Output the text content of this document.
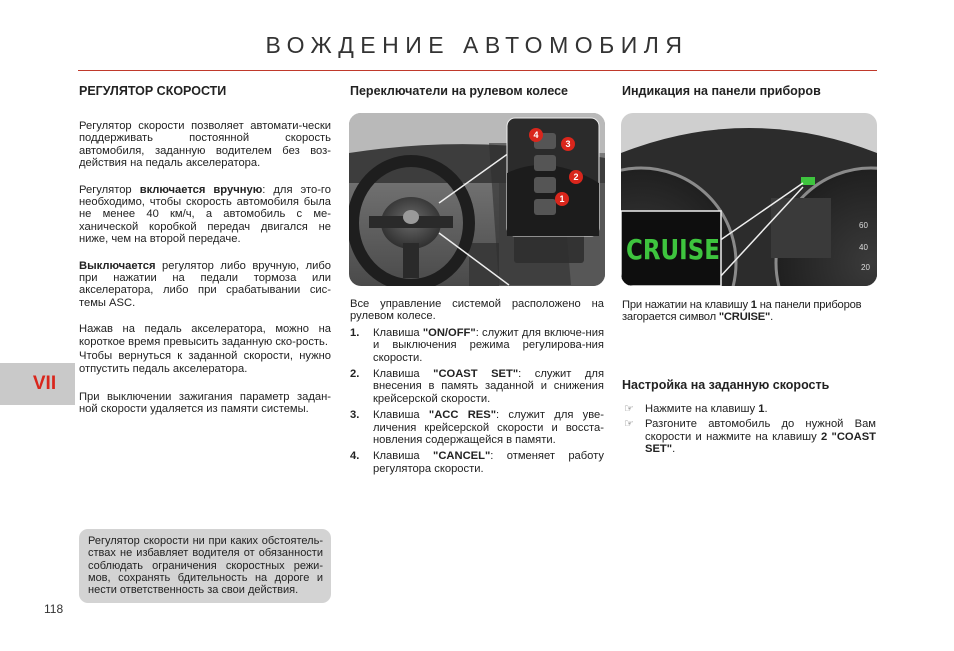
ВОЖДЕНИЕ АВТОМОБИЛЯ
VII
РЕГУЛЯТОР СКОРОСТИ

Регулятор скорости позволяет автомати-чески поддерживать постоянной скорость автомобиля, заданную водителем без воз-действия на педаль акселератора.

Регулятор включается вручную: для это-го необходимо, чтобы скорость автомобиля была не менее 40 км/ч, а автомобиль с ме-ханической коробкой передач двигался не ниже, чем на второй передаче.

Выключается регулятор либо вручную, либо при нажатии на педали тормоза или акселератора, либо при срабатывании сис-темы ASC.

Нажав на педаль акселератора, можно на короткое время превысить заданную ско-рость.

Чтобы вернуться к заданной скорости, нужно отпустить педаль акселератора.

При выключении зажигания параметр задан-ной скорости удаляется из памяти системы.

Регулятор скорости ни при каких обстоятель-ствах не избавляет водителя от обязанности соблюдать ограничения скоростных режи-мов, сохранять бдительность на дороге и нести ответственность за свои действия.
118
Переключатели на рулевом колесе
4
3
2
1

Все управление системой расположено на рулевом колесе.

1. Клавиша "ON/OFF": служит для включе-ния и выключения режима регулирова-ния скорости.
2. Клавиша "COAST SET": служит для внесения в память заданной и снижения крейсерской скорости.
3. Клавиша "ACC RES": служит для уве-личения крейсерской скорости и восста-новления содержащейся в памяти.
4. Клавиша "CANCEL": отменяет работу регулятора скорости.
Индикация на панели приборов
CRUISE
60
40
20

При нажатии на клавишу 1 на панели приборов загорается символ "CRUISE".

Настройка на заданную скорость
☞ Нажмите на клавишу 1.
☞ Разгоните автомобиль до нужной Вам скорости и нажмите на клавишу 2 "COAST SET".
